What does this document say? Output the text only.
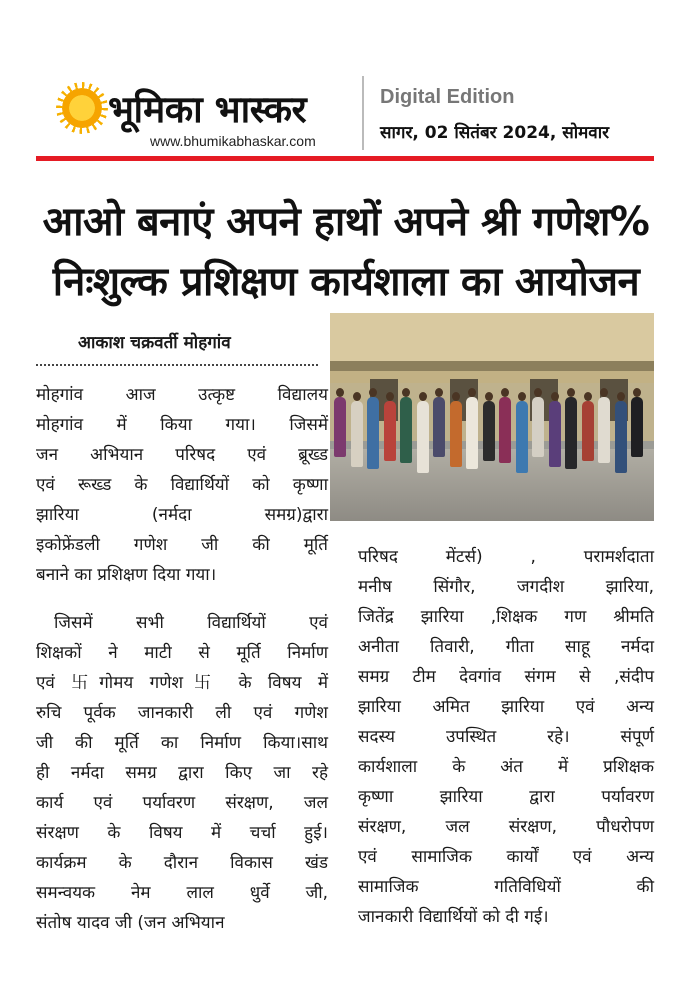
भूमिका भास्कर
www.bhumikabhaskar.com
Digital Edition
सागर, 02 सितंबर 2024, सोमवार
आओ बनाएं अपने हाथों अपने श्री गणेश%
निःशुल्क प्रशिक्षण कार्यशाला का आयोजन
आकाश चक्रवर्ती मोहगांव

मोहगांव आज उत्कृष्ट विद्यालय

मोहगांव में किया गया। जिसमें

जन अभियान परिषद एवं ब्रूख्ड

एवं रूख्ड के विद्यार्थियों को कृष्णा

झारिया (नर्मदा समग्र)द्वारा

इकोफ्रेंडली गणेश जी की मूर्ति

बनाने का प्रशिक्षण दिया गया।

जिसमें सभी विद्यार्थियों एवं

शिक्षकों ने माटी से मूर्ति निर्माण

एवं 卐गोमय गणेश卐 के विषय में

रुचि पूर्वक जानकारी ली एवं गणेश

जी की मूर्ति का निर्माण किया।साथ

ही नर्मदा समग्र द्वारा किए जा रहे

कार्य एवं पर्यावरण संरक्षण, जल

संरक्षण के विषय में चर्चा हुई।

कार्यक्रम के दौरान विकास खंड

समन्वयक नेम लाल धुर्वे जी,

संतोष यादव जी (जन अभियान

परिषद मेंटर्स) , परामर्शदाता

मनीष सिंगौर, जगदीश झारिया,

जितेंद्र झारिया ,शिक्षक गण श्रीमति

अनीता तिवारी, गीता साहू नर्मदा

समग्र टीम देवगांव संगम से ,संदीप

झारिया अमित झारिया एवं अन्य

सदस्य उपस्थित रहे। संपूर्ण

कार्यशाला के अंत में प्रशिक्षक

कृष्णा झारिया द्वारा पर्यावरण

संरक्षण, जल संरक्षण, पौधरोपण

एवं सामाजिक कार्यों एवं अन्य

सामाजिक गतिविधियों की

जानकारी विद्यार्थियों को दी गई।
